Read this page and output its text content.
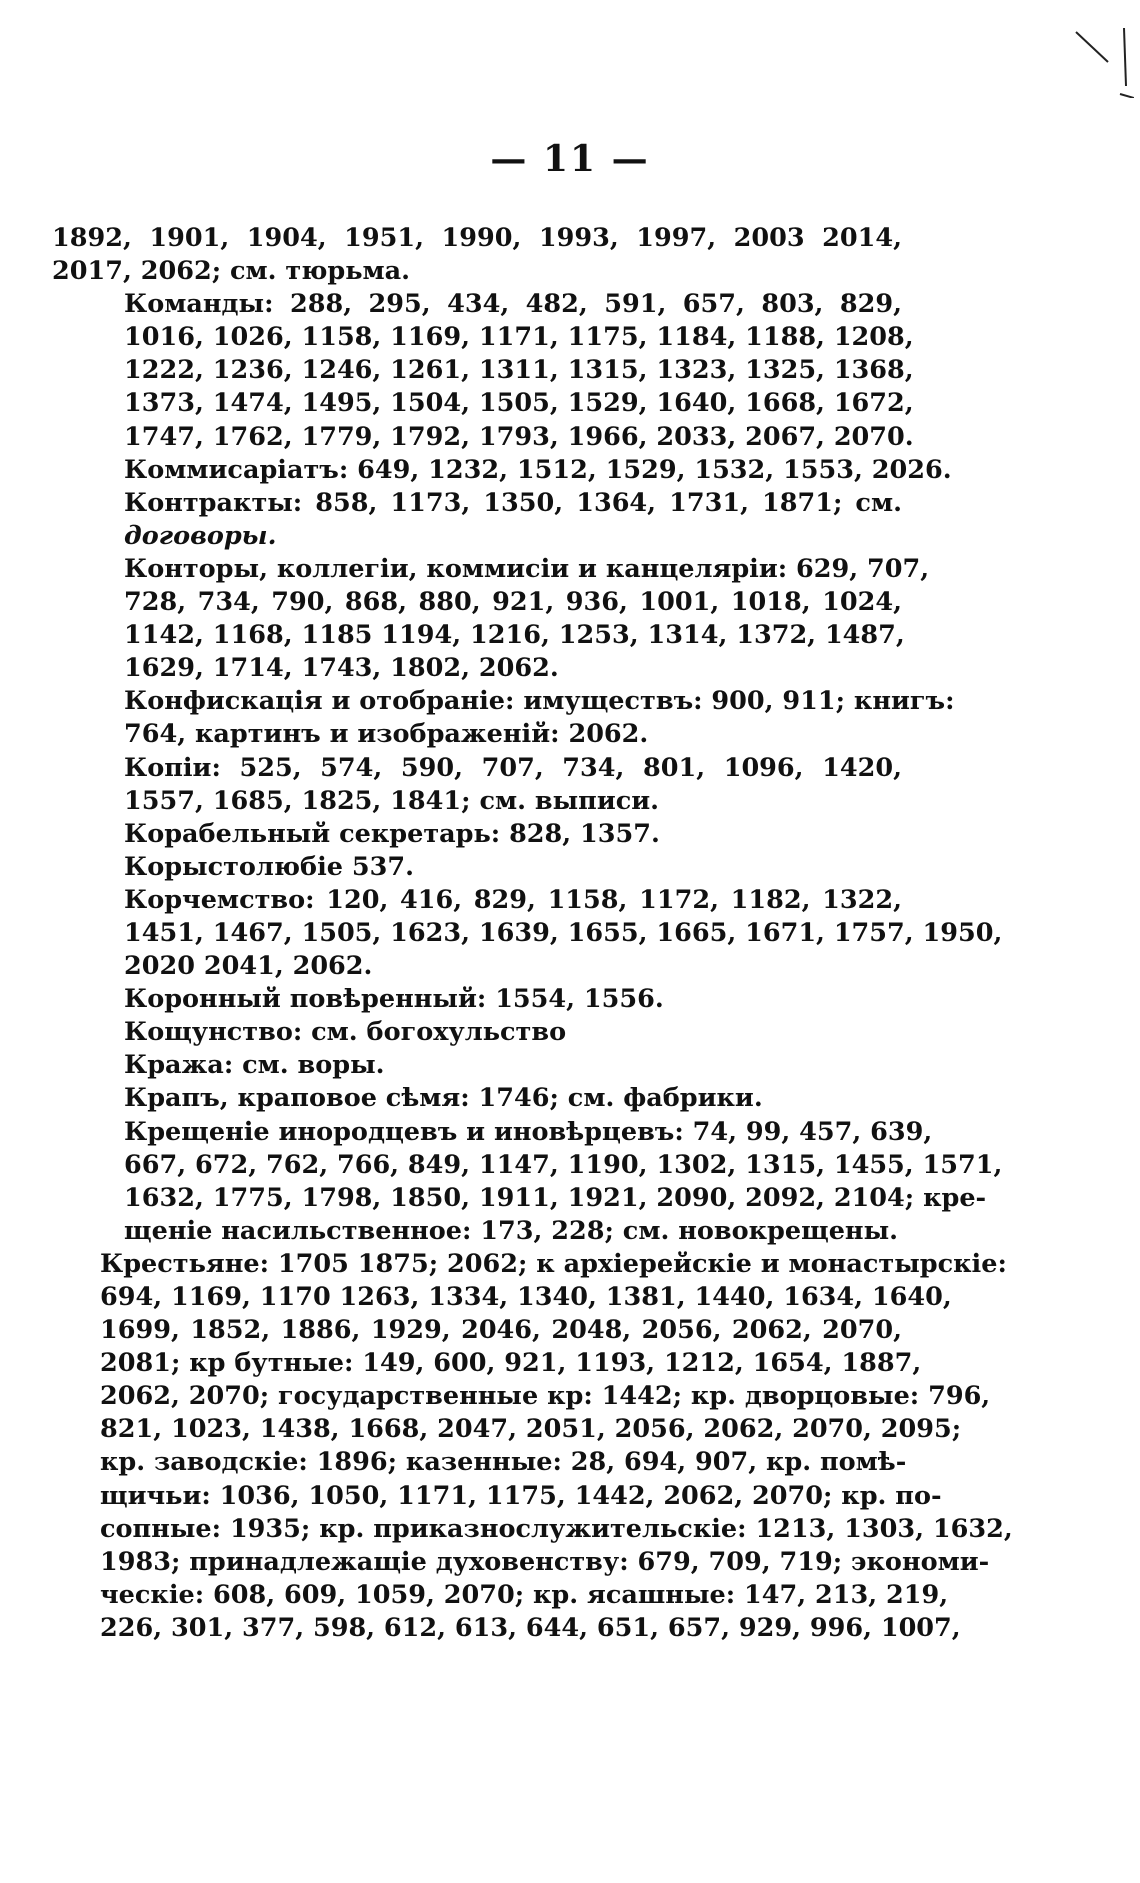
— 11 —

1892, 1901, 1904, 1951, 1990, 1993, 1997, 2003 2014,
2017, 2062; см. тюрьма.

Команды: 288, 295, 434, 482, 591, 657, 803, 829,
1016, 1026, 1158, 1169, 1171, 1175, 1184, 1188, 1208,
1222, 1236, 1246, 1261, 1311, 1315, 1323, 1325, 1368,
1373, 1474, 1495, 1504, 1505, 1529, 1640, 1668, 1672,
1747, 1762, 1779, 1792, 1793, 1966, 2033, 2067, 2070.

Коммисаріатъ: 649, 1232, 1512, 1529, 1532, 1553, 2026.

Контракты: 858, 1173, 1350, 1364, 1731, 1871; см.
договоры.

Конторы, коллегіи, коммисіи и канцеляріи: 629, 707,
728, 734, 790, 868, 880, 921, 936, 1001, 1018, 1024,
1142, 1168, 1185 1194, 1216, 1253, 1314, 1372, 1487,
1629, 1714, 1743, 1802, 2062.

Конфискація и отобраніе: имуществъ: 900, 911; книгъ:
764, картинъ и изображеній: 2062.

Копіи: 525, 574, 590, 707, 734, 801, 1096, 1420,
1557, 1685, 1825, 1841; см. выписи.

Корабельный секретарь: 828, 1357.

Корыстолюбіе 537.

Корчемство: 120, 416, 829, 1158, 1172, 1182, 1322,
1451, 1467, 1505, 1623, 1639, 1655, 1665, 1671, 1757, 1950,
2020 2041, 2062.

Коронный повѣренный: 1554, 1556.

Кощунство: см. богохульство

Кража: см. воры.

Крапъ, краповое сѣмя: 1746; см. фабрики.

Крещеніе инородцевъ и иновѣрцевъ: 74, 99, 457, 639,
667, 672, 762, 766, 849, 1147, 1190, 1302, 1315, 1455, 1571,
1632, 1775, 1798, 1850, 1911, 1921, 2090, 2092, 2104; кре-
щеніе насильственное: 173, 228; см. новокрещены.

Крестьяне: 1705 1875; 2062; к архіерейскіе и монастырскіе:
694, 1169, 1170 1263, 1334, 1340, 1381, 1440, 1634, 1640,
1699, 1852, 1886, 1929, 2046, 2048, 2056, 2062, 2070,
2081; кр бутные: 149, 600, 921, 1193, 1212, 1654, 1887,
2062, 2070; государственные кр: 1442; кр. дворцовые: 796,
821, 1023, 1438, 1668, 2047, 2051, 2056, 2062, 2070, 2095;
кр. заводскіе: 1896; казенные: 28, 694, 907, кр. помѣ-
щичьи: 1036, 1050, 1171, 1175, 1442, 2062, 2070; кр. по-
сопные: 1935; кр. приказнослужительскіе: 1213, 1303, 1632,
1983; принадлежащіе духовенству: 679, 709, 719; экономи-
ческіе: 608, 609, 1059, 2070; кр. ясашные: 147, 213, 219,
226, 301, 377, 598, 612, 613, 644, 651, 657, 929, 996, 1007,
